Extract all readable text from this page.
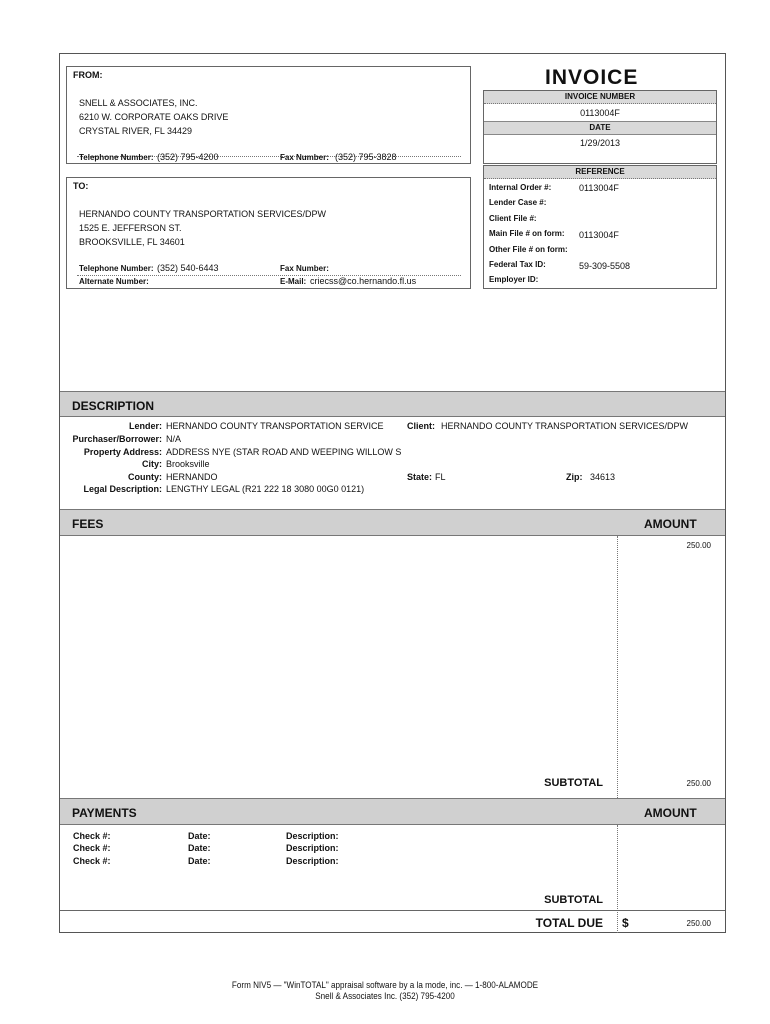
INVOICE
FROM:
SNELL & ASSOCIATES, INC.
6210 W. CORPORATE OAKS DRIVE
CRYSTAL RIVER, FL 34429
Telephone Number: (352) 795-4200	Fax Number: (352) 795-3828
TO:
HERNANDO COUNTY TRANSPORTATION SERVICES/DPW
1525 E. JEFFERSON ST.
BROOKSVILLE, FL 34601
Telephone Number: (352) 540-6443	Fax Number:
Alternate Number:	E-Mail: criecss@co.hernando.fl.us
INVOICE NUMBER
0113004F
DATE
1/29/2013
REFERENCE
Internal Order #:	0113004F
Lender Case #:
Client File #:
Main File # on form: 0113004F
Other File # on form:
Federal Tax ID:	59-309-5508
Employer ID:
DESCRIPTION
Lender: HERNANDO COUNTY TRANSPORTATION SERVICE	Client: HERNANDO COUNTY TRANSPORTATION SERVICES/DPW
Purchaser/Borrower: N/A
Property Address: ADDRESS NYE (STAR ROAD AND WEEPING WILLOW S
City: Brooksville
County: HERNANDO	State: FL	Zip: 34613
Legal Description: LENGTHY LEGAL (R21 222 18 3080 00G0 0121)
FEES	AMOUNT
250.00
SUBTOTAL	250.00
PAYMENTS	AMOUNT
Check #:	Date:	Description:
Check #:	Date:	Description:
Check #:	Date:	Description:
SUBTOTAL
TOTAL DUE $	250.00
Form NIV5 — "WinTOTAL" appraisal software by a la mode, inc. — 1-800-ALAMODE
Snell & Associates Inc. (352) 795-4200
